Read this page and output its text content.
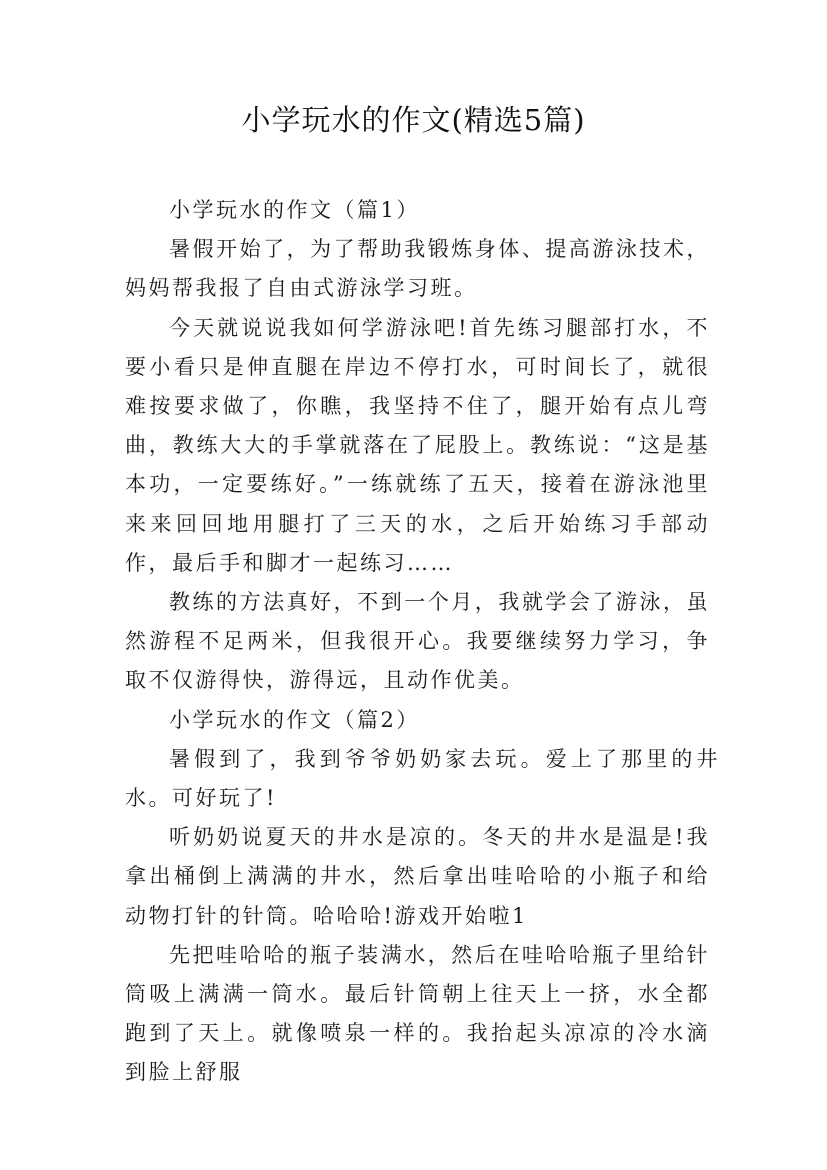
小学玩水的作文(精选5篇)

小学玩水的作文（篇1）

暑假开始了，为了帮助我锻炼身体、提高游泳技术，妈妈帮我报了自由式游泳学习班。

今天就说说我如何学游泳吧!首先练习腿部打水，不要小看只是伸直腿在岸边不停打水，可时间长了，就很难按要求做了，你瞧，我坚持不住了，腿开始有点儿弯曲，教练大大的手掌就落在了屁股上。教练说：“这是基本功，一定要练好。”一练就练了五天，接着在游泳池里来来回回地用腿打了三天的水，之后开始练习手部动作，最后手和脚才一起练习……

教练的方法真好，不到一个月，我就学会了游泳，虽然游程不足两米，但我很开心。我要继续努力学习，争取不仅游得快，游得远，且动作优美。

小学玩水的作文（篇2）

暑假到了，我到爷爷奶奶家去玩。爱上了那里的井水。可好玩了!

听奶奶说夏天的井水是凉的。冬天的井水是温是!我拿出桶倒上满满的井水，然后拿出哇哈哈的小瓶子和给动物打针的针筒。哈哈哈!游戏开始啦1

先把哇哈哈的瓶子装满水，然后在哇哈哈瓶子里给针筒吸上满满一筒水。最后针筒朝上往天上一挤，水全都跑到了天上。就像喷泉一样的。我抬起头凉凉的冷水滴到脸上舒服
